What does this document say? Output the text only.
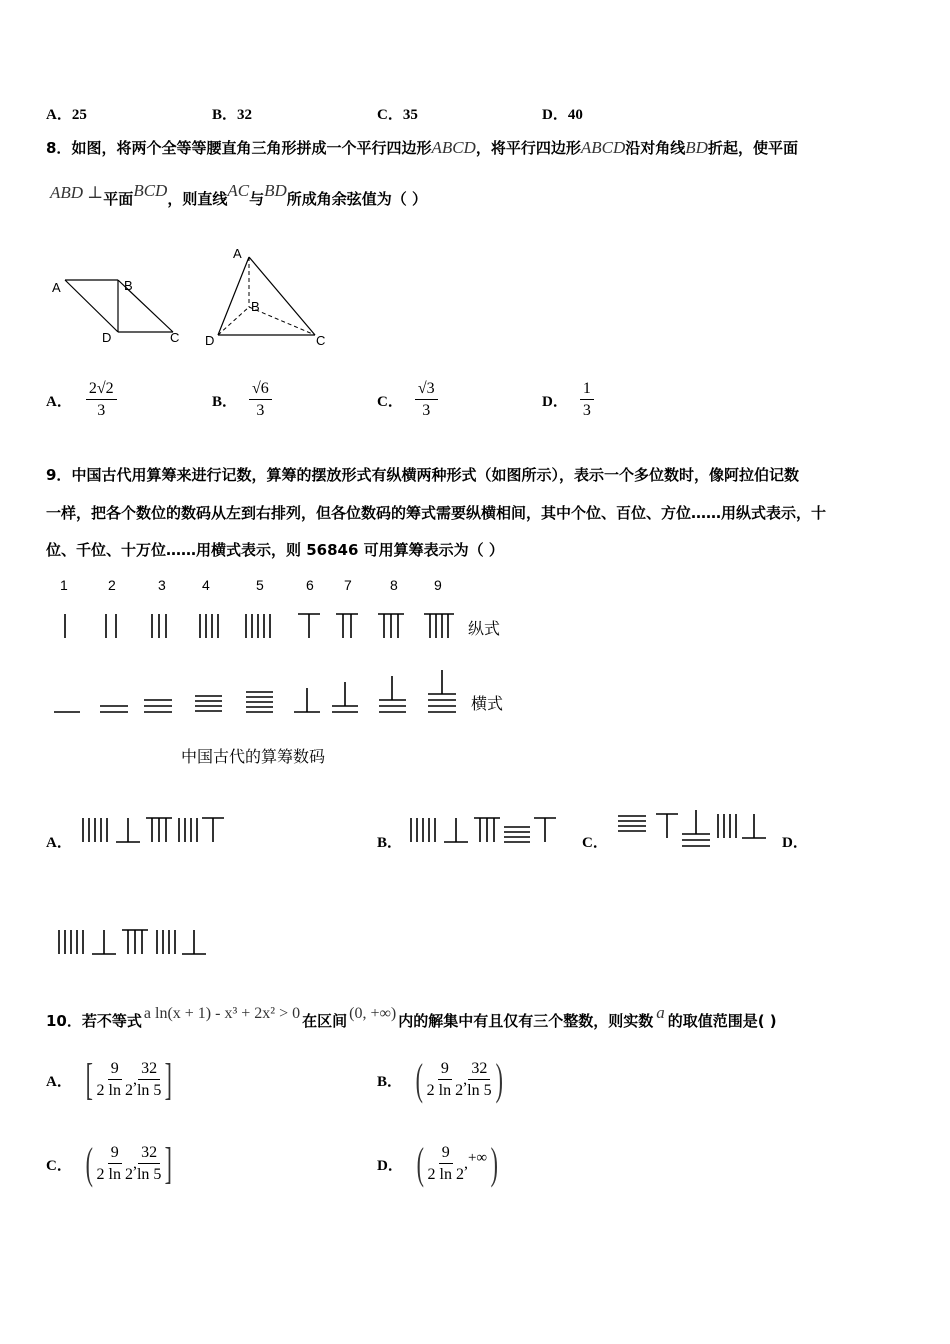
A．25	B．32	C．35	D．40
8．如图，将两个全等等腰直角三角形拼成一个平行四边形ABCD，将平行四边形ABCD沿对角线BD折起，使平面
ABD ⊥平面BCD，则直线AC与BD所成角余弦值为（ ）
A	B
D	C
A
B
D	C
A． $\frac{2√2}{3}$	B． $\frac{√6}{3}$	C． $\frac{√3}{3}$	D． $\frac{1}{3}$
9．中国古代用算筹来进行记数，算筹的摆放形式有纵横两种形式（如图所示），表示一个多位数时，像阿拉伯记数
一样，把各个数位的数码从左到右排列，但各位数码的筹式需要纵横相间，其中个位、百位、方位……用纵式表示，十
位、千位、十万位……用横式表示，则 56846 可用算筹表示为（ ）
1	2	3	4	5	6 7	8	9
纵式
横式
中国古代的算筹数码
A．	B．	C．	D．
10． 若不等式 a ln(x + 1) - x³ + 2x² > 0 在区间 (0, +∞) 内的解集中有且仅有三个整数，则实数 a 的取值范围是( )
A． [ $\frac{9}{2 \ln 2}$ , $\frac{32}{\ln 5}$ ]	B． ( $\frac{9}{2 \ln 2}$ , $\frac{32}{\ln 5}$ )
C． ( $\frac{9}{2 \ln 2}$ , $\frac{32}{\ln 5}$ ]	D． ( $\frac{9}{2 \ln 2}$ , +∞ )
